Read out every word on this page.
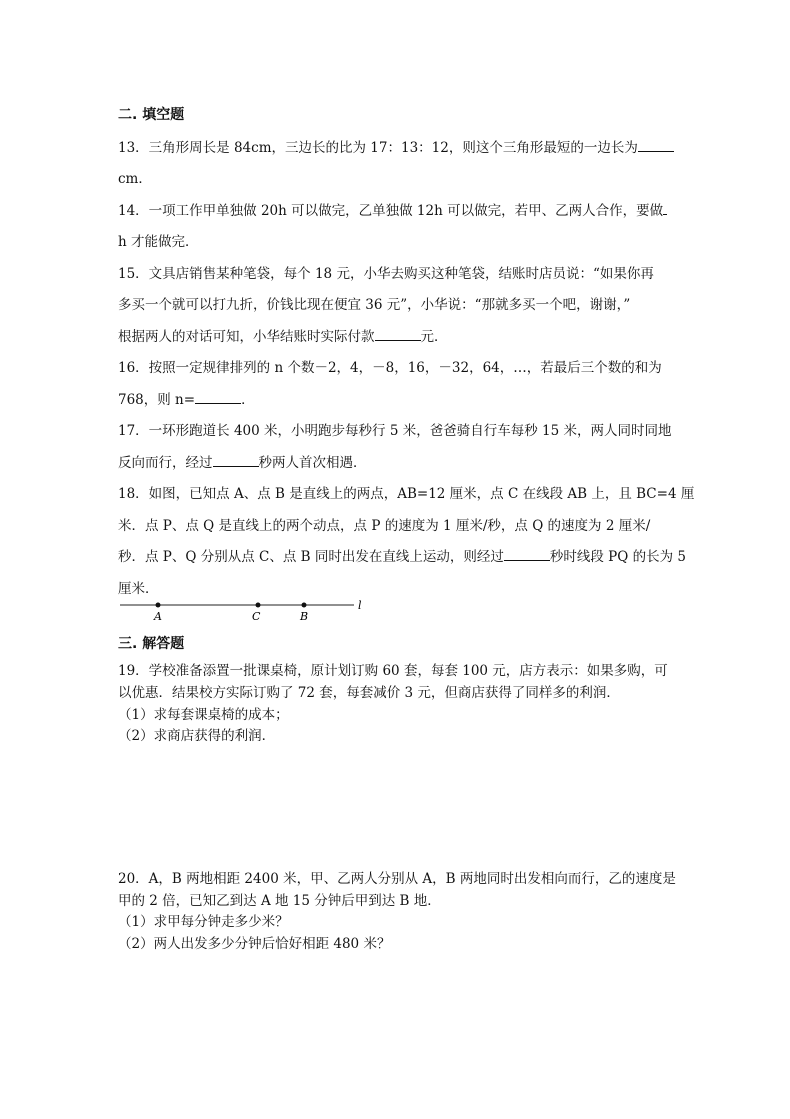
二. 填空题
13．三角形周长是 84cm，三边长的比为 17：13：12，则这个三角形最短的一边长为
cm．
14．一项工作甲单独做 20h 可以做完，乙单独做 12h 可以做完，若甲、乙两人合作，要做
h 才能做完．
15．文具店销售某种笔袋，每个 18 元，小华去购买这种笔袋，结账时店员说：“如果你再
多买一个就可以打九折，价钱比现在便宜 36 元”，小华说：“那就多买一个吧，谢谢，”
根据两人的对话可知，小华结账时实际付款	元．
16．按照一定规律排列的 n 个数－2，4，－8，16，－32，64，…，若最后三个数的和为
768，则 n=	．
17．一环形跑道长 400 米，小明跑步每秒行 5 米，爸爸骑自行车每秒 15 米，两人同时同地
反向而行，经过	秒两人首次相遇．
18．如图，已知点 A、点 B 是直线上的两点，AB=12 厘米，点 C 在线段 AB 上，且 BC=4 厘
米．点 P、点 Q 是直线上的两个动点，点 P 的速度为 1 厘米/秒，点 Q 的速度为 2 厘米/
秒．点 P、Q 分别从点 C、点 B 同时出发在直线上运动，则经过	秒时线段 PQ 的长为 5
厘米．
A	C	B
l
三. 解答题
19．学校准备添置一批课桌椅，原计划订购 60 套，每套 100 元，店方表示：如果多购，可
以优惠．结果校方实际订购了 72 套，每套减价 3 元，但商店获得了同样多的利润．
（1）求每套课桌椅的成本；
（2）求商店获得的利润．
20．A，B 两地相距 2400 米，甲、乙两人分别从 A，B 两地同时出发相向而行，乙的速度是
甲的 2 倍，已知乙到达 A 地 15 分钟后甲到达 B 地．
（1）求甲每分钟走多少米？
（2）两人出发多少分钟后恰好相距 480 米？
